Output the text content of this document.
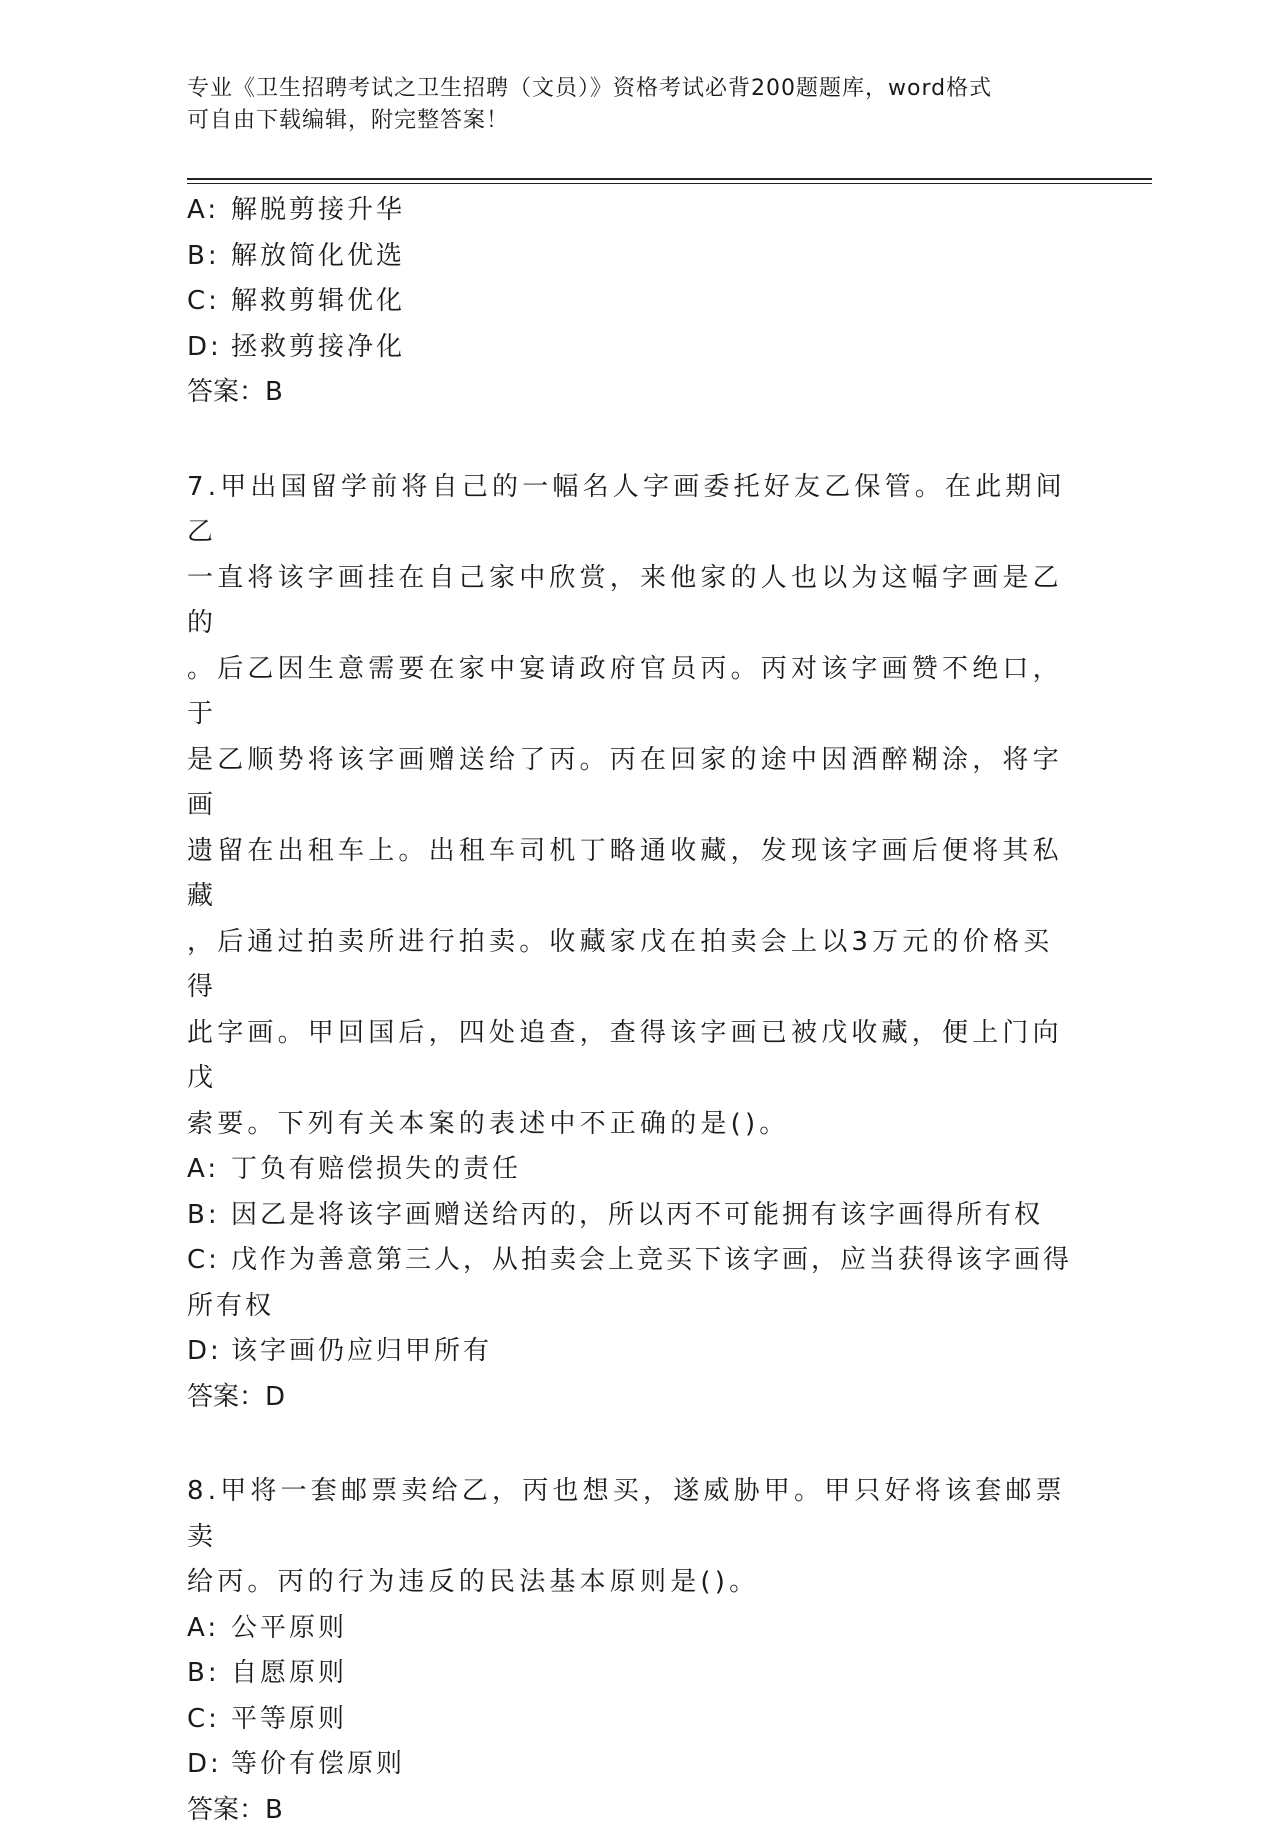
专业《卫生招聘考试之卫生招聘（文员）》资格考试必背200题题库，word格式
可自由下载编辑，附完整答案！
A: 解脱剪接升华
B: 解放简化优选
C: 解救剪辑优化
D: 拯救剪接净化
答案：B
7.甲出国留学前将自己的一幅名人字画委托好友乙保管。在此期间乙
一直将该字画挂在自己家中欣赏，来他家的人也以为这幅字画是乙的
。后乙因生意需要在家中宴请政府官员丙。丙对该字画赞不绝口，于
是乙顺势将该字画赠送给了丙。丙在回家的途中因酒醉糊涂，将字画
遗留在出租车上。出租车司机丁略通收藏，发现该字画后便将其私藏
，后通过拍卖所进行拍卖。收藏家戊在拍卖会上以3万元的价格买得
此字画。甲回国后，四处追查，查得该字画已被戊收藏，便上门向戊
索要。下列有关本案的表述中不正确的是()。
A: 丁负有赔偿损失的责任
B: 因乙是将该字画赠送给丙的，所以丙不可能拥有该字画得所有权
C: 戊作为善意第三人，从拍卖会上竞买下该字画，应当获得该字画得
所有权
D: 该字画仍应归甲所有
答案：D
8.甲将一套邮票卖给乙，丙也想买，遂威胁甲。甲只好将该套邮票卖
给丙。丙的行为违反的民法基本原则是()。
A: 公平原则
B: 自愿原则
C: 平等原则
D: 等价有偿原则
答案：B
